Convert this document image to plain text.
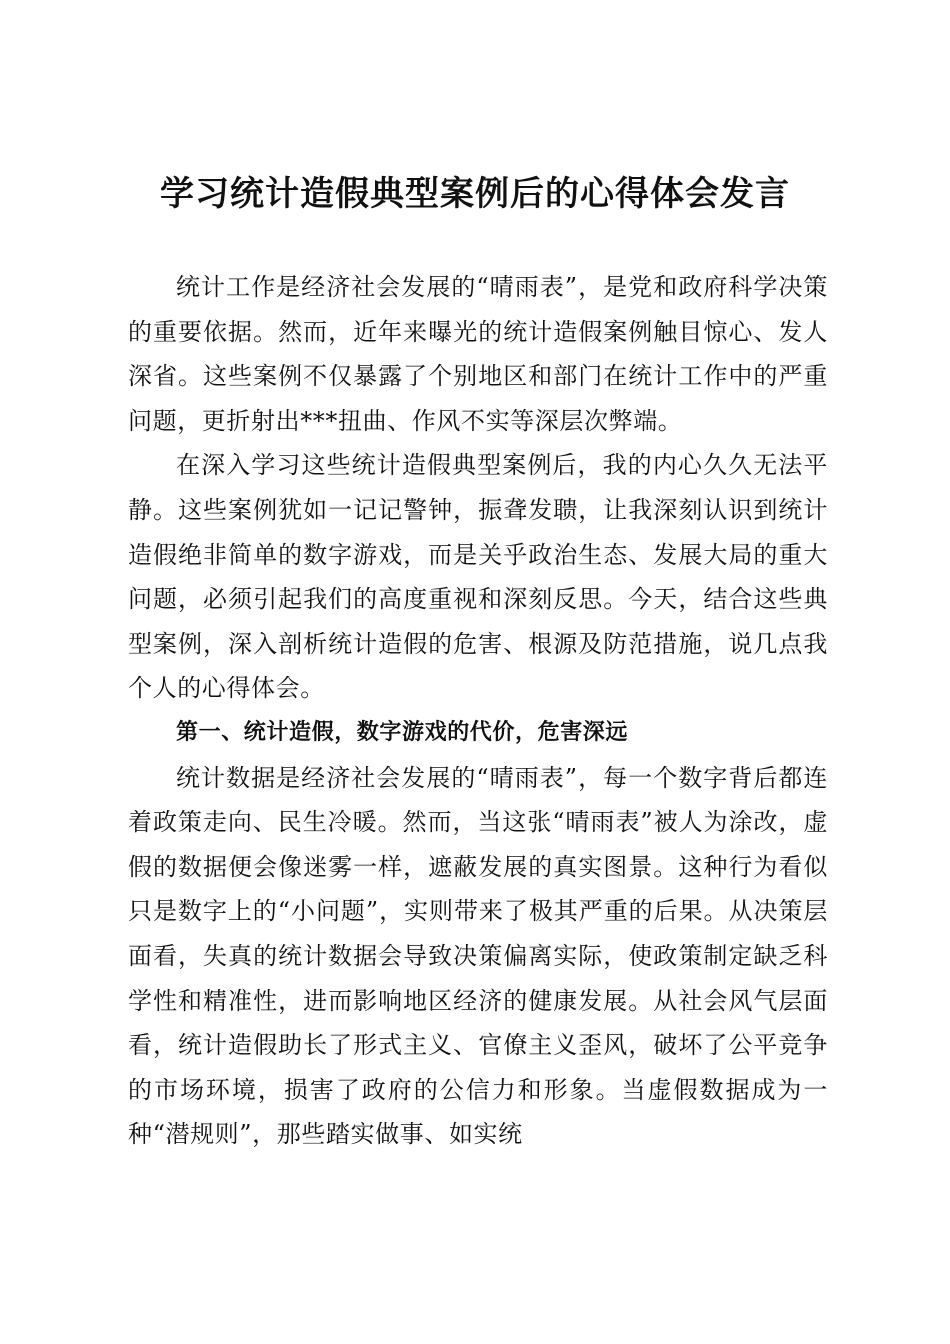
学习统计造假典型案例后的心得体会发言

统计工作是经济社会发展的“晴雨表”，是党和政府科学决策的重要依据。然而，近年来曝光的统计造假案例触目惊心、发人深省。这些案例不仅暴露了个别地区和部门在统计工作中的严重问题，更折射出***扭曲、作风不实等深层次弊端。

在深入学习这些统计造假典型案例后，我的内心久久无法平静。这些案例犹如一记记警钟，振聋发聩，让我深刻认识到统计造假绝非简单的数字游戏，而是关乎政治生态、发展大局的重大问题，必须引起我们的高度重视和深刻反思。今天，结合这些典型案例，深入剖析统计造假的危害、根源及防范措施，说几点我个人的心得体会。

第一、统计造假，数字游戏的代价，危害深远

统计数据是经济社会发展的“晴雨表”，每一个数字背后都连着政策走向、民生冷暖。然而，当这张“晴雨表”被人为涂改，虚假的数据便会像迷雾一样，遮蔽发展的真实图景。这种行为看似只是数字上的“小问题”，实则带来了极其严重的后果。从决策层面看，失真的统计数据会导致决策偏离实际，使政策制定缺乏科学性和精准性，进而影响地区经济的健康发展。从社会风气层面看，统计造假助长了形式主义、官僚主义歪风，破坏了公平竞争的市场环境，损害了政府的公信力和形象。当虚假数据成为一种“潜规则”，那些踏实做事、如实统
